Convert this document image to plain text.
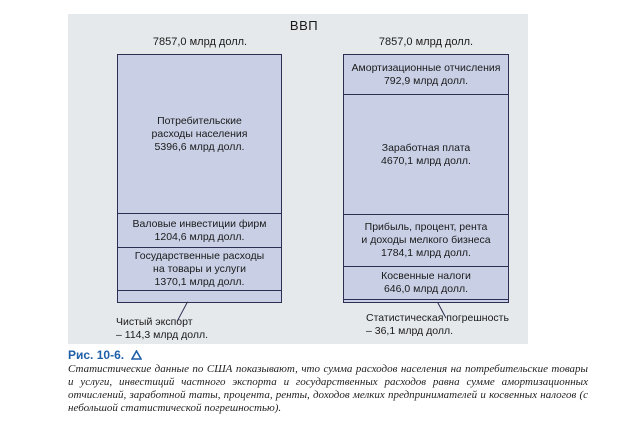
ВВП
7857,0 млрд долл.	7857,0 млрд долл.
Потребительские
расходы населения
5396,6 млрд долл.
Валовые инвестиции фирм
1204,6 млрд долл.
Государственные расходы
на товары и услуги
1370,1 млрд долл.
Амортизационные отчисления
792,9 млрд долл.
Заработная плата
4670,1 млрд долл.
Прибыль, процент, рента
и доходы мелкого бизнеса
1784,1 млрд долл.
Косвенные налоги
646,0 млрд долл.
Чистый экспорт
– 114,3 млрд долл.
Статистическая погрешность
– 36,1 млрд долл.
Рис. 10-6.
Статистические данные по США показывают, что сумма расходов населения на потребительские товары и услуги, инвестиций частного экспорта и государственных расходов равна сумме амортизационных отчислений, заработной таты, процента, ренты, доходов мелких предпринимателей и косвенных налогов (с небольшой статистической погрешностью).
